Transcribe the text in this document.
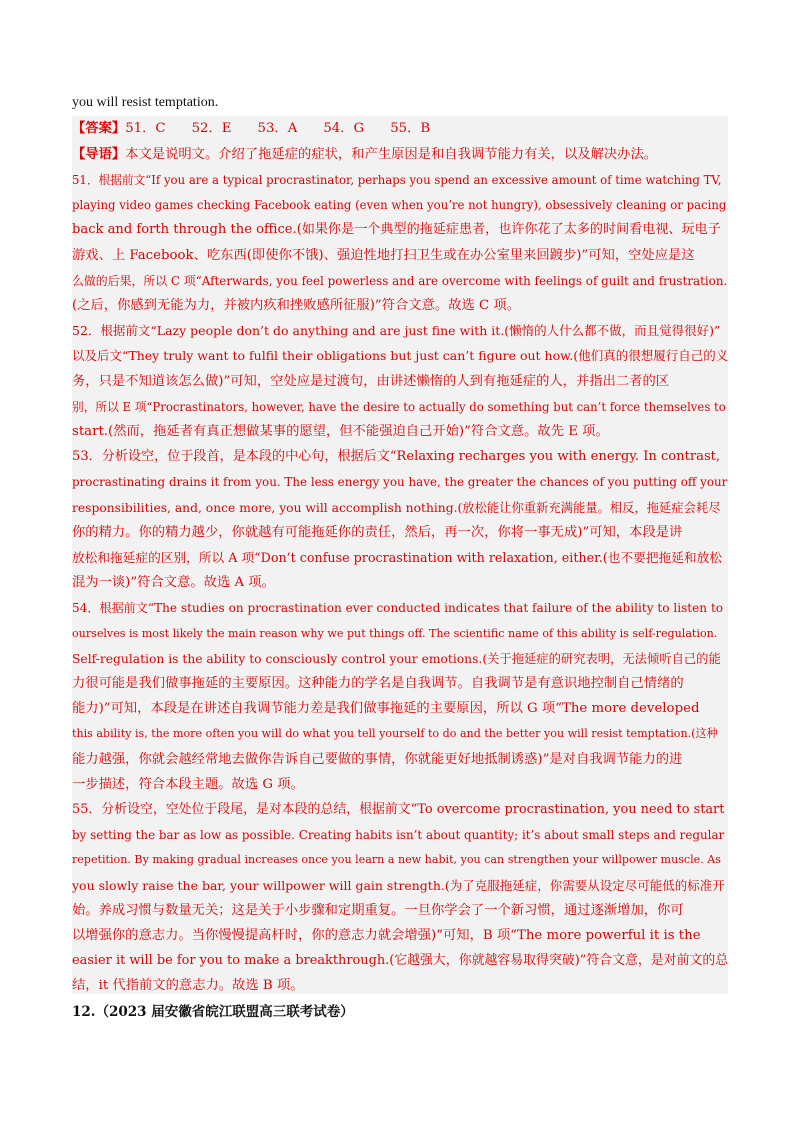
you will resist temptation.
【答案】51．C 52．E 53．A 54．G 55．B
【导语】本文是说明文。介绍了拖延症的症状，和产生原因是和自我调节能力有关，以及解决办法。
51．根据前文“If you are a typical procrastinator, perhaps you spend an excessive amount of time watching TV,
playing video games checking Facebook eating (even when you’re not hungry), obsessively cleaning or pacing
back and forth through the office.(如果你是一个典型的拖延症患者，也许你花了太多的时间看电视、玩电子
游戏、上 Facebook、吃东西(即使你不饿)、强迫性地打扫卫生或在办公室里来回踱步)”可知，空处应是这
么做的后果，所以 C 项“Afterwards, you feel powerless and are overcome with feelings of guilt and frustration.
(之后，你感到无能为力，并被内疚和挫败感所征服)”符合文意。故选 C 项。
52．根据前文“Lazy people don’t do anything and are just fine with it.(懒惰的人什么都不做，而且觉得很好)”
以及后文“They truly want to fulfil their obligations but just can’t figure out how.(他们真的很想履行自己的义
务，只是不知道该怎么做)”可知，空处应是过渡句，由讲述懒惰的人到有拖延症的人，并指出二者的区
别，所以 E 项“Procrastinators, however, have the desire to actually do something but can’t force themselves to
start.(然而，拖延者有真正想做某事的愿望，但不能强迫自己开始)”符合文意。故先 E 项。
53．分析设空，位于段首，是本段的中心句，根据后文“Relaxing recharges you with energy. In contrast,
procrastinating drains it from you. The less energy you have, the greater the chances of you putting off your
responsibilities, and, once more, you will accomplish nothing.(放松能让你重新充满能量。相反，拖延症会耗尽
你的精力。你的精力越少，你就越有可能拖延你的责任，然后，再一次，你将一事无成)”可知，本段是讲
放松和拖延症的区别，所以 A 项“Don’t confuse procrastination with relaxation, either.(也不要把拖延和放松
混为一谈)”符合文意。故选 A 项。
54．根据前文“The studies on procrastination ever conducted indicates that failure of the ability to listen to
ourselves is most likely the main reason why we put things off. The scientific name of this ability is self-regulation.
Self-regulation is the ability to consciously control your emotions.(关于拖延症的研究表明，无法倾听自己的能
力很可能是我们做事拖延的主要原因。这种能力的学名是自我调节。自我调节是有意识地控制自己情绪的
能力)”可知，本段是在讲述自我调节能力差是我们做事拖延的主要原因，所以 G 项“The more developed
this ability is, the more often you will do what you tell yourself to do and the better you will resist temptation.(这种
能力越强，你就会越经常地去做你告诉自己要做的事情，你就能更好地抵制诱惑)”是对自我调节能力的进
一步描述，符合本段主题。故选 G 项。
55．分析设空，空处位于段尾，是对本段的总结，根据前文“To overcome procrastination, you need to start
by setting the bar as low as possible. Creating habits isn’t about quantity; it’s about small steps and regular
repetition. By making gradual increases once you learn a new habit, you can strengthen your willpower muscle. As
you slowly raise the bar, your willpower will gain strength.(为了克服拖延症，你需要从设定尽可能低的标准开
始。养成习惯与数量无关；这是关于小步骤和定期重复。一旦你学会了一个新习惯，通过逐渐增加，你可
以增强你的意志力。当你慢慢提高杆时，你的意志力就会增强)”可知，B 项“The more powerful it is the
easier it will be for you to make a breakthrough.(它越强大，你就越容易取得突破)”符合文意，是对前文的总
结，it 代指前文的意志力。故选 B 项。
12.（2023 届安徽省皖江联盟高三联考试卷）
